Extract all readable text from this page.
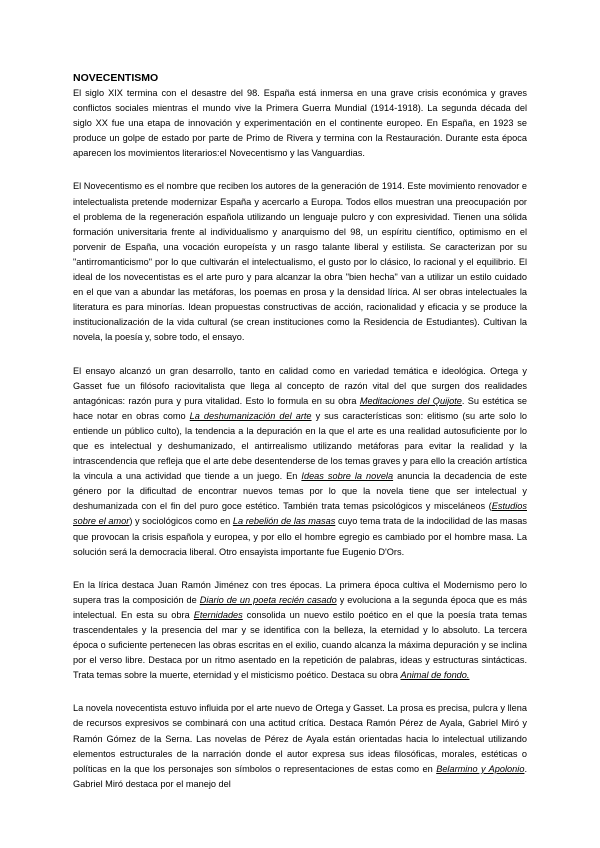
NOVECENTISMO

El siglo XIX termina con el desastre del 98. España está inmersa en una grave crisis económica y graves conflictos sociales mientras el mundo vive la Primera Guerra Mundial (1914-1918). La segunda década del siglo XX fue una etapa de innovación y experimentación en el continente europeo. En España, en 1923 se produce un golpe de estado por parte de Primo de Rivera y termina con la Restauración. Durante esta época aparecen los movimientos literarios:el Novecentismo y las Vanguardias.

El Novecentismo es el nombre que reciben los autores de la generación de 1914. Este movimiento renovador e intelectualista pretende modernizar España y acercarlo a Europa. Todos ellos muestran una preocupación por el problema de la regeneración española utilizando un lenguaje pulcro y con expresividad. Tienen una sólida formación universitaria frente al individualismo y anarquismo del 98, un espíritu científico, optimismo en el porvenir de España, una vocación europeísta y un rasgo talante liberal y estilista. Se caracterizan por su "antirromanticismo" por lo que cultivarán el intelectualismo, el gusto por lo clásico, lo racional y el equilibrio. El ideal de los novecentistas es el arte puro y para alcanzar la obra "bien hecha" van a utilizar un estilo cuidado en el que van a abundar las metáforas, los poemas en prosa y la densidad lírica. Al ser obras intelectuales la literatura es para minorías. Idean propuestas constructivas de acción, racionalidad y eficacia y se produce la institucionalización de la vida cultural (se crean instituciones como la Residencia de Estudiantes). Cultivan la novela, la poesía y, sobre todo, el ensayo.

El ensayo alcanzó un gran desarrollo, tanto en calidad como en variedad temática e ideológica. Ortega y Gasset fue un filósofo raciovitalista que llega al concepto de razón vital del que surgen dos realidades antagónicas: razón pura y pura vitalidad. Esto lo formula en su obra Meditaciones del Quijote. Su estética se hace notar en obras como La deshumanización del arte y sus características son: elitismo (su arte solo lo entiende un público culto), la tendencia a la depuración en la que el arte es una realidad autosuficiente por lo que es intelectual y deshumanizado, el antirrealismo utilizando metáforas para evitar la realidad y la intrascendencia que refleja que el arte debe desentenderse de los temas graves y para ello la creación artística la vincula a una actividad que tiende a un juego. En Ideas sobre la novela anuncia la decadencia de este género por la dificultad de encontrar nuevos temas por lo que la novela tiene que ser intelectual y deshumanizada con el fin del puro goce estético. También trata temas psicológicos y misceláneos (Estudios sobre el amor) y sociológicos como en La rebelión de las masas cuyo tema trata de la indocilidad de las masas que provocan la crisis española y europea, y por ello el hombre egregio es cambiado por el hombre masa. La solución será la democracia liberal. Otro ensayista importante fue Eugenio D'Ors.

En la lírica destaca Juan Ramón Jiménez con tres épocas. La primera época cultiva el Modernismo pero lo supera tras la composición de Diario de un poeta recién casado y evoluciona a la segunda época que es más intelectual. En esta su obra Eternidades consolida un nuevo estilo poético en el que la poesía trata temas trascendentales y la presencia del mar y se identifica con la belleza, la eternidad y lo absoluto. La tercera época o suficiente pertenecen las obras escritas en el exilio, cuando alcanza la máxima depuración y se inclina por el verso libre. Destaca por un ritmo asentado en la repetición de palabras, ideas y estructuras sintácticas. Trata temas sobre la muerte, eternidad y el misticismo poético. Destaca su obra Animal de fondo.

La novela novecentista estuvo influida por el arte nuevo de Ortega y Gasset. La prosa es precisa, pulcra y llena de recursos expresivos se combinará con una actitud crítica. Destaca Ramón Pérez de Ayala, Gabriel Miró y Ramón Gómez de la Serna. Las novelas de Pérez de Ayala están orientadas hacia lo intelectual utilizando elementos estructurales de la narración donde el autor expresa sus ideas filosóficas, morales, estéticas o políticas en la que los personajes son símbolos o representaciones de estas como en Belarmino y Apolonio. Gabriel Miró destaca por el manejo del
